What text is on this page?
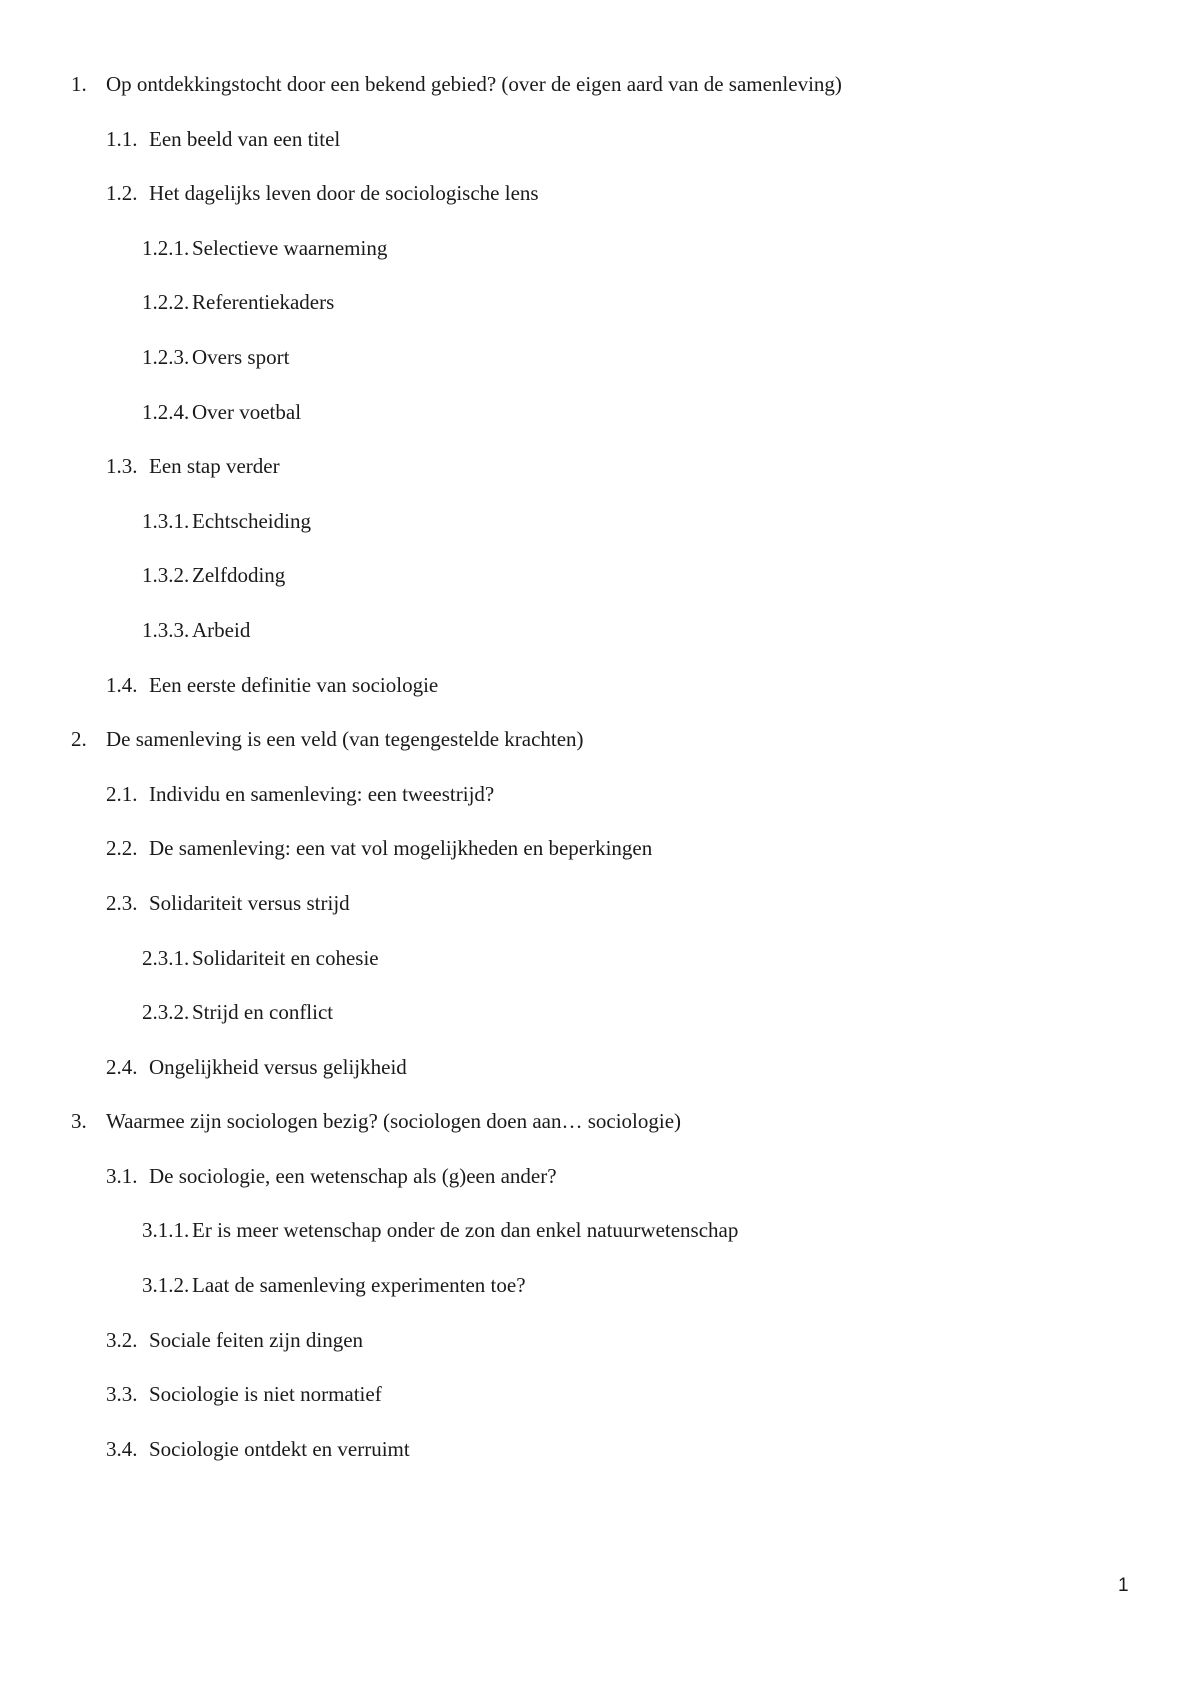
1. Op ontdekkingstocht door een bekend gebied? (over de eigen aard van de samenleving)
1.1. Een beeld van een titel
1.2. Het dagelijks leven door de sociologische lens
1.2.1. Selectieve waarneming
1.2.2. Referentiekaders
1.2.3. Overs sport
1.2.4. Over voetbal
1.3. Een stap verder
1.3.1. Echtscheiding
1.3.2. Zelfdoding
1.3.3. Arbeid
1.4. Een eerste definitie van sociologie
2. De samenleving is een veld (van tegengestelde krachten)
2.1. Individu en samenleving: een tweestrijd?
2.2. De samenleving: een vat vol mogelijkheden en beperkingen
2.3. Solidariteit versus strijd
2.3.1. Solidariteit en cohesie
2.3.2. Strijd en conflict
2.4. Ongelijkheid versus gelijkheid
3. Waarmee zijn sociologen bezig? (sociologen doen aan… sociologie)
3.1. De sociologie, een wetenschap als (g)een ander?
3.1.1. Er is meer wetenschap onder de zon dan enkel natuurwetenschap
3.1.2. Laat de samenleving experimenten toe?
3.2. Sociale feiten zijn dingen
3.3. Sociologie is niet normatief
3.4. Sociologie ontdekt en verruimt
1
